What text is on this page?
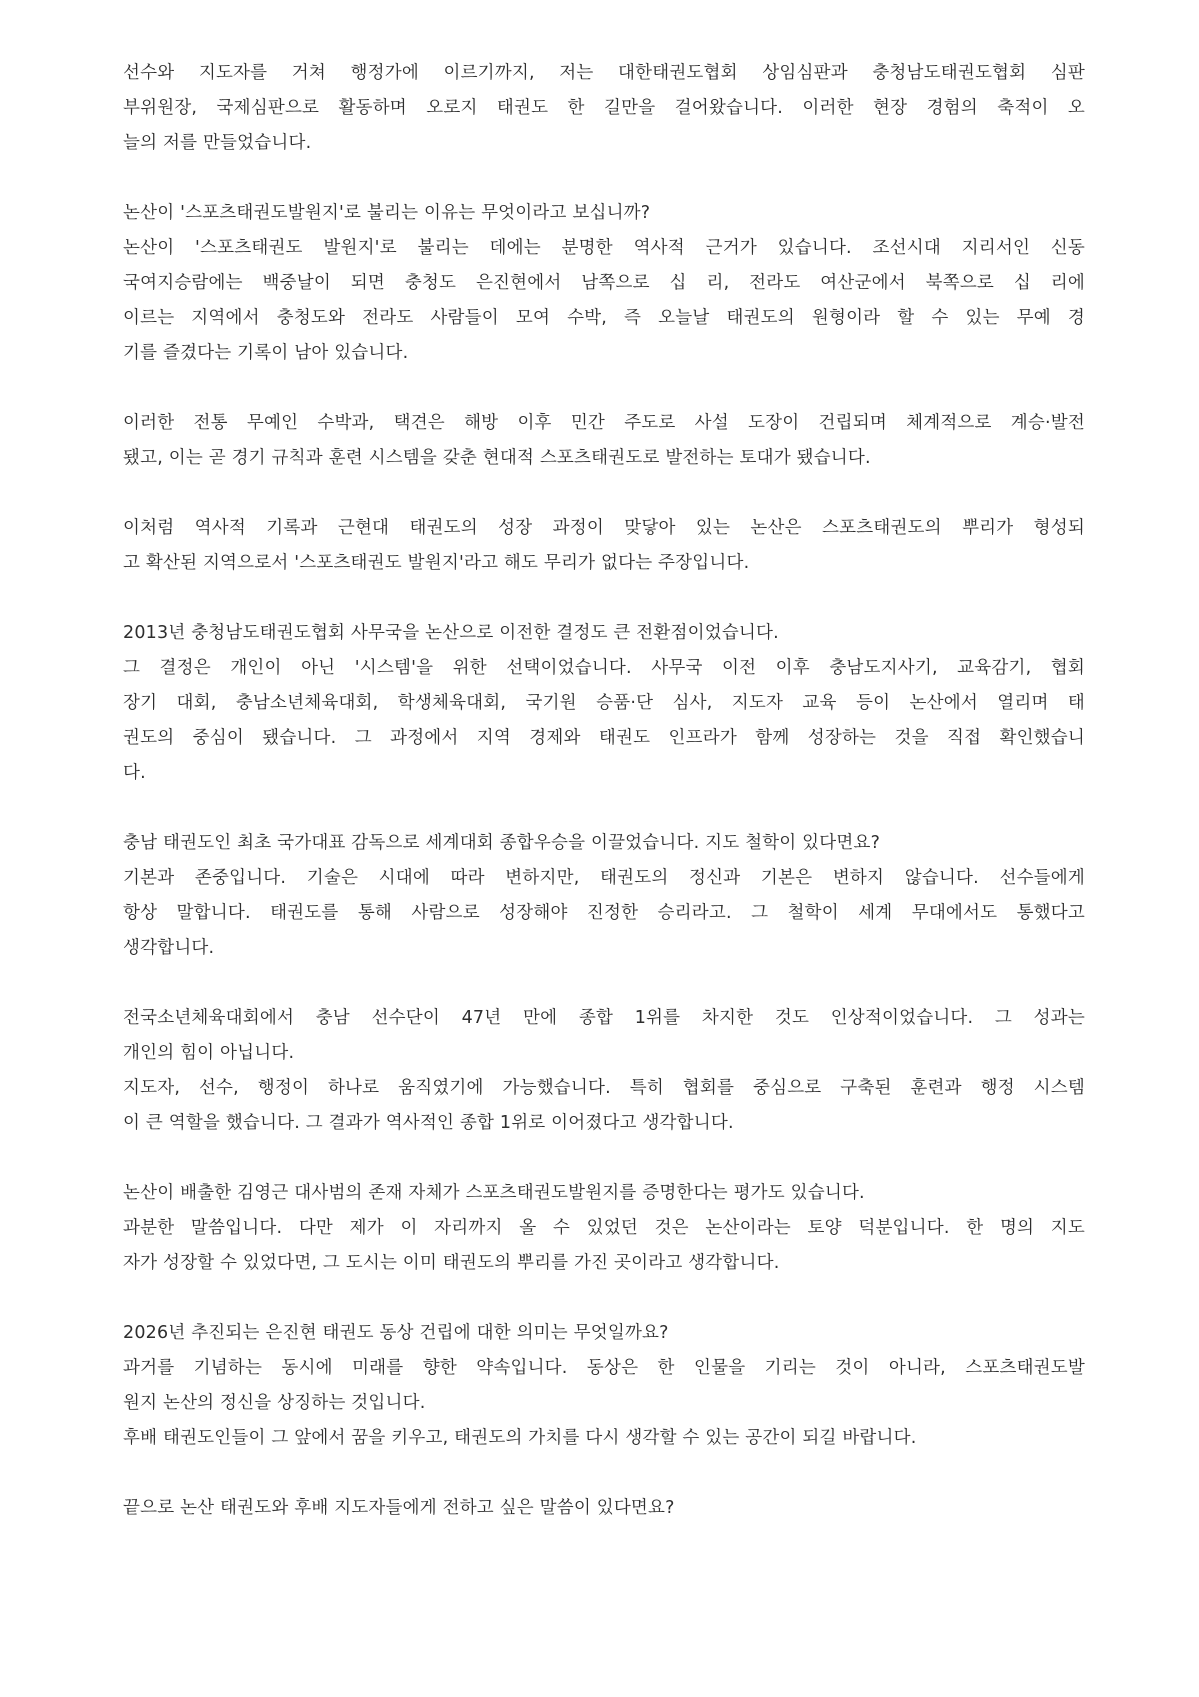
선수와 지도자를 거쳐 행정가에 이르기까지, 저는 대한태권도협회 상임심판과 충청남도태권도협회 심판
부위원장, 국제심판으로 활동하며 오로지 태권도 한 길만을 걸어왔습니다. 이러한 현장 경험의 축적이 오
늘의 저를 만들었습니다.
논산이 '스포츠태권도발원지'로 불리는 이유는 무엇이라고 보십니까?
논산이 '스포츠태권도 발원지'로 불리는 데에는 분명한 역사적 근거가 있습니다. 조선시대 지리서인 신동
국여지승람에는 백중날이 되면 충청도 은진현에서 남쪽으로 십 리, 전라도 여산군에서 북쪽으로 십 리에
이르는 지역에서 충청도와 전라도 사람들이 모여 수박, 즉 오늘날 태권도의 원형이라 할 수 있는 무예 경
기를 즐겼다는 기록이 남아 있습니다.
이러한 전통 무예인 수박과, 택견은 해방 이후 민간 주도로 사설 도장이 건립되며 체계적으로 계승·발전
됐고, 이는 곧 경기 규칙과 훈련 시스템을 갖춘 현대적 스포츠태권도로 발전하는 토대가 됐습니다.
이처럼 역사적 기록과 근현대 태권도의 성장 과정이 맞닿아 있는 논산은 스포츠태권도의 뿌리가 형성되
고 확산된 지역으로서 '스포츠태권도 발원지'라고 해도 무리가 없다는 주장입니다.
2013년 충청남도태권도협회 사무국을 논산으로 이전한 결정도 큰 전환점이었습니다.
그 결정은 개인이 아닌 '시스템'을 위한 선택이었습니다. 사무국 이전 이후 충남도지사기, 교육감기, 협회
장기 대회, 충남소년체육대회, 학생체육대회, 국기원 승품·단 심사, 지도자 교육 등이 논산에서 열리며 태
권도의 중심이 됐습니다. 그 과정에서 지역 경제와 태권도 인프라가 함께 성장하는 것을 직접 확인했습니
다.
충남 태권도인 최초 국가대표 감독으로 세계대회 종합우승을 이끌었습니다. 지도 철학이 있다면요?
기본과 존중입니다. 기술은 시대에 따라 변하지만, 태권도의 정신과 기본은 변하지 않습니다. 선수들에게
항상 말합니다. 태권도를 통해 사람으로 성장해야 진정한 승리라고. 그 철학이 세계 무대에서도 통했다고
생각합니다.
전국소년체육대회에서 충남 선수단이 47년 만에 종합 1위를 차지한 것도 인상적이었습니다. 그 성과는
개인의 힘이 아닙니다.
지도자, 선수, 행정이 하나로 움직였기에 가능했습니다. 특히 협회를 중심으로 구축된 훈련과 행정 시스템
이 큰 역할을 했습니다. 그 결과가 역사적인 종합 1위로 이어졌다고 생각합니다.
논산이 배출한 김영근 대사범의 존재 자체가 스포츠태권도발원지를 증명한다는 평가도 있습니다.
과분한 말씀입니다. 다만 제가 이 자리까지 올 수 있었던 것은 논산이라는 토양 덕분입니다. 한 명의 지도
자가 성장할 수 있었다면, 그 도시는 이미 태권도의 뿌리를 가진 곳이라고 생각합니다.
2026년 추진되는 은진현 태권도 동상 건립에 대한 의미는 무엇일까요?
과거를 기념하는 동시에 미래를 향한 약속입니다. 동상은 한 인물을 기리는 것이 아니라, 스포츠태권도발
원지 논산의 정신을 상징하는 것입니다.
후배 태권도인들이 그 앞에서 꿈을 키우고, 태권도의 가치를 다시 생각할 수 있는 공간이 되길 바랍니다.
끝으로 논산 태권도와 후배 지도자들에게 전하고 싶은 말씀이 있다면요?
